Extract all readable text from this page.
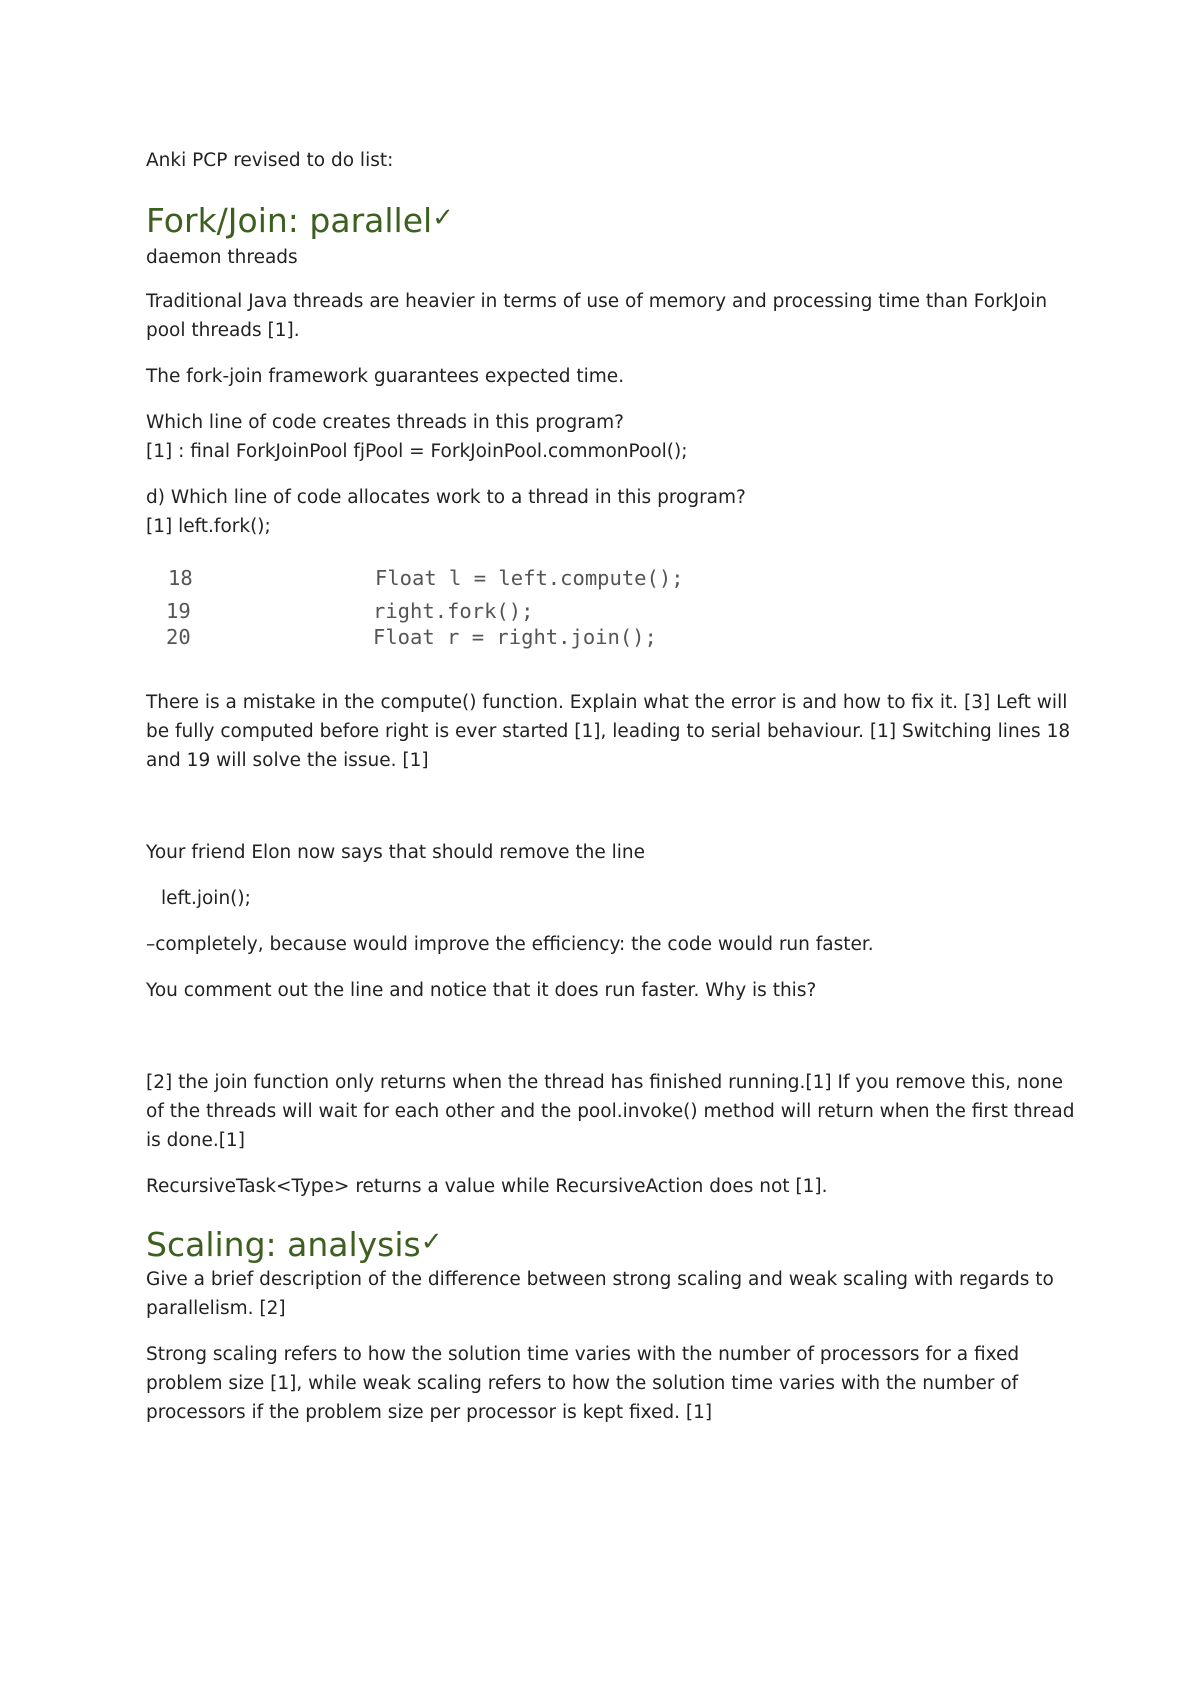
Anki PCP revised to do list:

Fork/Join: parallel✓

daemon threads

Traditional Java threads are heavier in terms of use of memory and processing time than ForkJoin

pool threads [1].

The fork-join framework guarantees expected time.

Which line of code creates threads in this program?

[1] : final ForkJoinPool fjPool = ForkJoinPool.commonPool();

d) Which line of code allocates work to a thread in this program?

[1] left.fork();

18	Float l = left.compute();

19	right.fork();

20	Float r = right.join();

There is a mistake in the compute() function. Explain what the error is and how to fix it. [3] Left will

be fully computed before right is ever started [1], leading to serial behaviour. [1] Switching lines 18

and 19 will solve the issue. [1]

Your friend Elon now says that should remove the line

left.join();

–completely, because would improve the efficiency: the code would run faster.

You comment out the line and notice that it does run faster. Why is this?

[2] the join function only returns when the thread has finished running.[1] If you remove this, none

of the threads will wait for each other and the pool.invoke() method will return when the first thread

is done.[1]

RecursiveTask<Type> returns a value while RecursiveAction does not [1].

Scaling: analysis✓

Give a brief description of the difference between strong scaling and weak scaling with regards to

parallelism. [2]

Strong scaling refers to how the solution time varies with the number of processors for a fixed

problem size [1], while weak scaling refers to how the solution time varies with the number of

processors if the problem size per processor is kept fixed. [1]
